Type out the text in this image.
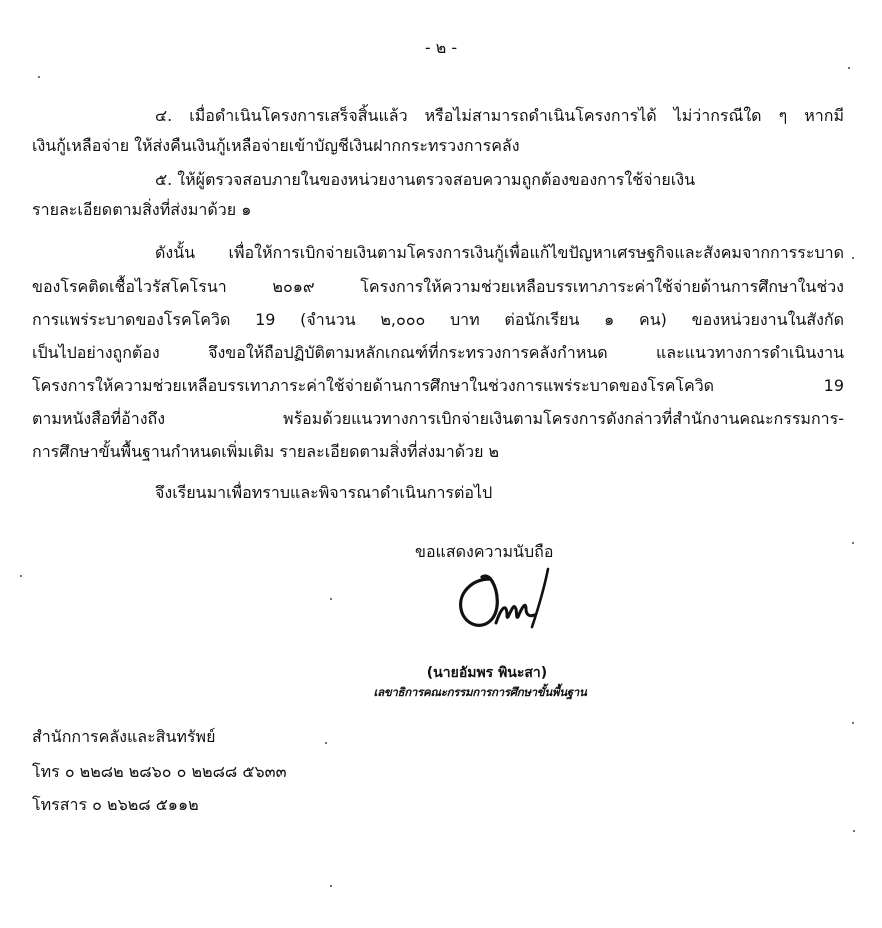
- ๒ -
๔. เมื่อดำเนินโครงการเสร็จสิ้นแล้ว หรือไม่สามารถดำเนินโครงการได้ ไม่ว่ากรณีใด ๆ หากมี
เงินกู้เหลือจ่าย ให้ส่งคืนเงินกู้เหลือจ่ายเข้าบัญชีเงินฝากกระทรวงการคลัง
๕. ให้ผู้ตรวจสอบภายในของหน่วยงานตรวจสอบความถูกต้องของการใช้จ่ายเงิน
รายละเอียดตามสิ่งที่ส่งมาด้วย ๑
ดังนั้น เพื่อให้การเบิกจ่ายเงินตามโครงการเงินกู้เพื่อแก้ไขปัญหาเศรษฐกิจและสังคมจากการระบาด
ของโรคติดเชื้อไวรัสโคโรนา ๒๐๑๙ โครงการให้ความช่วยเหลือบรรเทาภาระค่าใช้จ่ายด้านการศึกษาในช่วง
การแพร่ระบาดของโรคโควิด 19 (จำนวน ๒,๐๐๐ บาท ต่อนักเรียน ๑ คน) ของหน่วยงานในสังกัด
เป็นไปอย่างถูกต้อง จึงขอให้ถือปฏิบัติตามหลักเกณฑ์ที่กระทรวงการคลังกำหนด และแนวทางการดำเนินงาน
โครงการให้ความช่วยเหลือบรรเทาภาระค่าใช้จ่ายด้านการศึกษาในช่วงการแพร่ระบาดของโรคโควิด 19
ตามหนังสือที่อ้างถึง พร้อมด้วยแนวทางการเบิกจ่ายเงินตามโครงการดังกล่าวที่สำนักงานคณะกรรมการ-
การศึกษาขั้นพื้นฐานกำหนดเพิ่มเติม รายละเอียดตามสิ่งที่ส่งมาด้วย ๒
จึงเรียนมาเพื่อทราบและพิจารณาดำเนินการต่อไป
ขอแสดงความนับถือ
(นายอัมพร พินะสา)
เลขาธิการคณะกรรมการการศึกษาขั้นพื้นฐาน
สำนักการคลังและสินทรัพย์
โทร ๐ ๒๒๘๒ ๒๘๖๐ ๐ ๒๒๘๘ ๕๖๓๓
โทรสาร ๐ ๒๖๒๘ ๕๑๑๒
